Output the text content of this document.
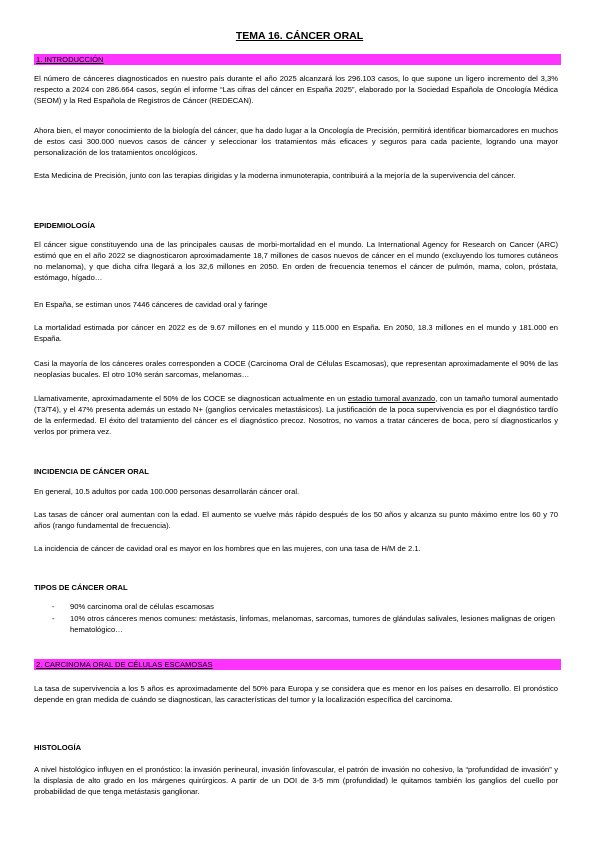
TEMA 16. CÁNCER ORAL
1. INTRODUCCIÓN
El número de cánceres diagnosticados en nuestro país durante el año 2025 alcanzará los 296.103 casos, lo que supone un ligero incremento del 3,3% respecto a 2024 con 286.664 casos, según el informe “Las cifras del cáncer en España 2025”, elaborado por la Sociedad Española de Oncología Médica (SEOM) y la Red Española de Registros de Cáncer (REDECAN).
Ahora bien, el mayor conocimiento de la biología del cáncer, que ha dado lugar a la Oncología de Precisión, permitirá identificar biomarcadores en muchos de estos casi 300.000 nuevos casos de cáncer y seleccionar los tratamientos más eficaces y seguros para cada paciente, logrando una mayor personalización de los tratamientos oncológicos.
Esta Medicina de Precisión, junto con las terapias dirigidas y la moderna inmunoterapia, contribuirá a la mejoría de la supervivencia del cáncer.
EPIDEMIOLOGÍA
El cáncer sigue constituyendo una de las principales causas de morbi-mortalidad en el mundo. La International Agency for Research on Cancer (ARC) estimó que en el año 2022 se diagnosticaron aproximadamente 18,7 millones de casos nuevos de cáncer en el mundo (excluyendo los tumores cutáneos no melanoma), y que dicha cifra llegará a los 32,6 millones en 2050. En orden de frecuencia tenemos el cáncer de pulmón, mama, colon, próstata, estómago, hígado…
En España, se estiman unos 7446 cánceres de cavidad oral y faringe
La mortalidad estimada por cáncer en 2022 es de 9.67 millones en el mundo y 115.000 en España. En 2050, 18.3 millones en el mundo y 181.000 en España.
Casi la mayoría de los cánceres orales corresponden a COCE (Carcinoma Oral de Células Escamosas), que representan aproximadamente el 90% de las neoplasias bucales. El otro 10% serán sarcomas, melanomas…
Llamativamente, aproximadamente el 50% de los COCE se diagnostican actualmente en un estadio tumoral avanzado, con un tamaño tumoral aumentado (T3/T4), y el 47% presenta además un estado N+ (ganglios cervicales metastásicos). La justificación de la poca supervivencia es por el diagnóstico tardío de la enfermedad. El éxito del tratamiento del cáncer es el diagnóstico precoz. Nosotros, no vamos a tratar cánceres de boca, pero sí diagnosticarlos y verlos por primera vez.
INCIDENCIA DE CÁNCER ORAL
En general, 10.5 adultos por cada 100.000 personas desarrollarán cáncer oral.
Las tasas de cáncer oral aumentan con la edad. El aumento se vuelve más rápido después de los 50 años y alcanza su punto máximo entre los 60 y 70 años (rango fundamental de frecuencia).
La incidencia de cáncer de cavidad oral es mayor en los hombres que en las mujeres, con una tasa de H/M de 2.1.
TIPOS DE CÁNCER ORAL
- 90% carcinoma oral de células escamosas
- 10% otros cánceres menos comunes: metástasis, linfomas, melanomas, sarcomas, tumores de glándulas salivales, lesiones malignas de origen hematológico…
2. CARCINOMA ORAL DE CÉLULAS ESCAMOSAS
La tasa de supervivencia a los 5 años es aproximadamente del 50% para Europa y se considera que es menor en los países en desarrollo. El pronóstico depende en gran medida de cuándo se diagnostican, las características del tumor y la localización específica del carcinoma.
HISTOLOGÍA
A nivel histológico influyen en el pronóstico: la invasión perineural, invasión linfovascular, el patrón de invasión no cohesivo, la “profundidad de invasión” y la displasia de alto grado en los márgenes quirúrgicos. A partir de un DOI de 3-5 mm (profundidad) le quitamos también los ganglios del cuello por probabilidad de que tenga metástasis ganglionar.
